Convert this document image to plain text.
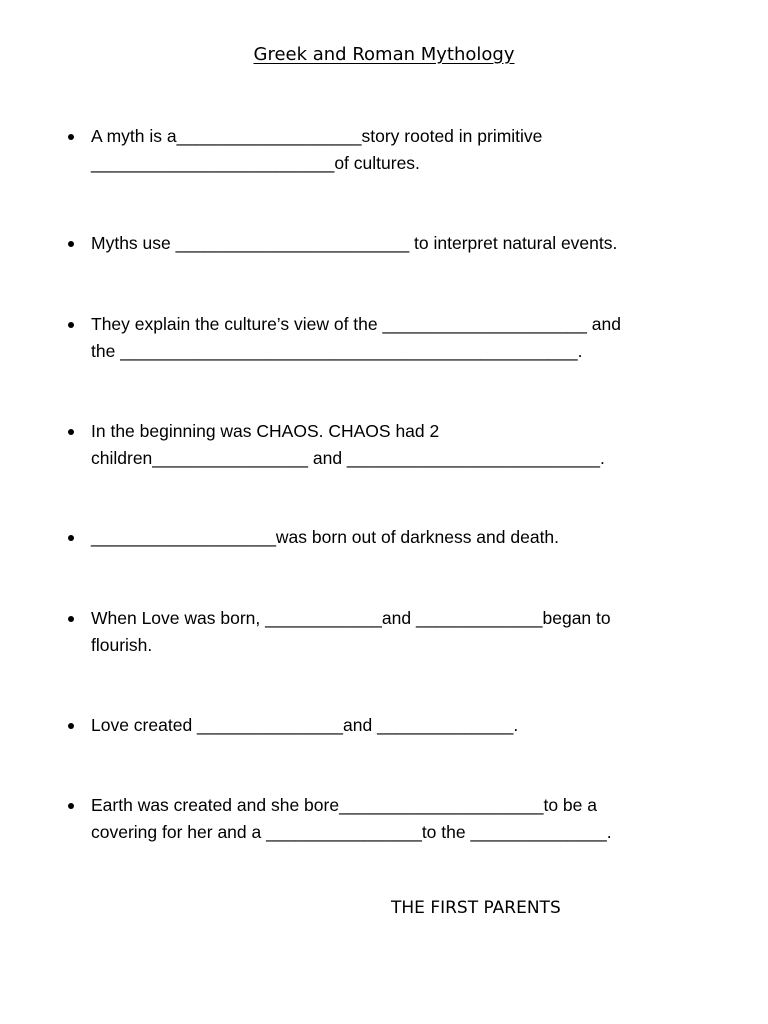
Greek and Roman Mythology
A myth is a___________________story rooted in primitive
_________________________of cultures.
Myths use ________________________ to interpret natural events.
They explain the culture’s view of the _____________________ and
the _______________________________________________.
In the beginning was CHAOS. CHAOS had 2
children________________ and __________________________.
___________________was born out of darkness and death.
When Love was born, ____________and _____________began to
flourish.
Love created _______________and ______________.
Earth was created and she bore_____________________to be a
covering for her and a ________________to the ______________.
THE FIRST PARENTS
